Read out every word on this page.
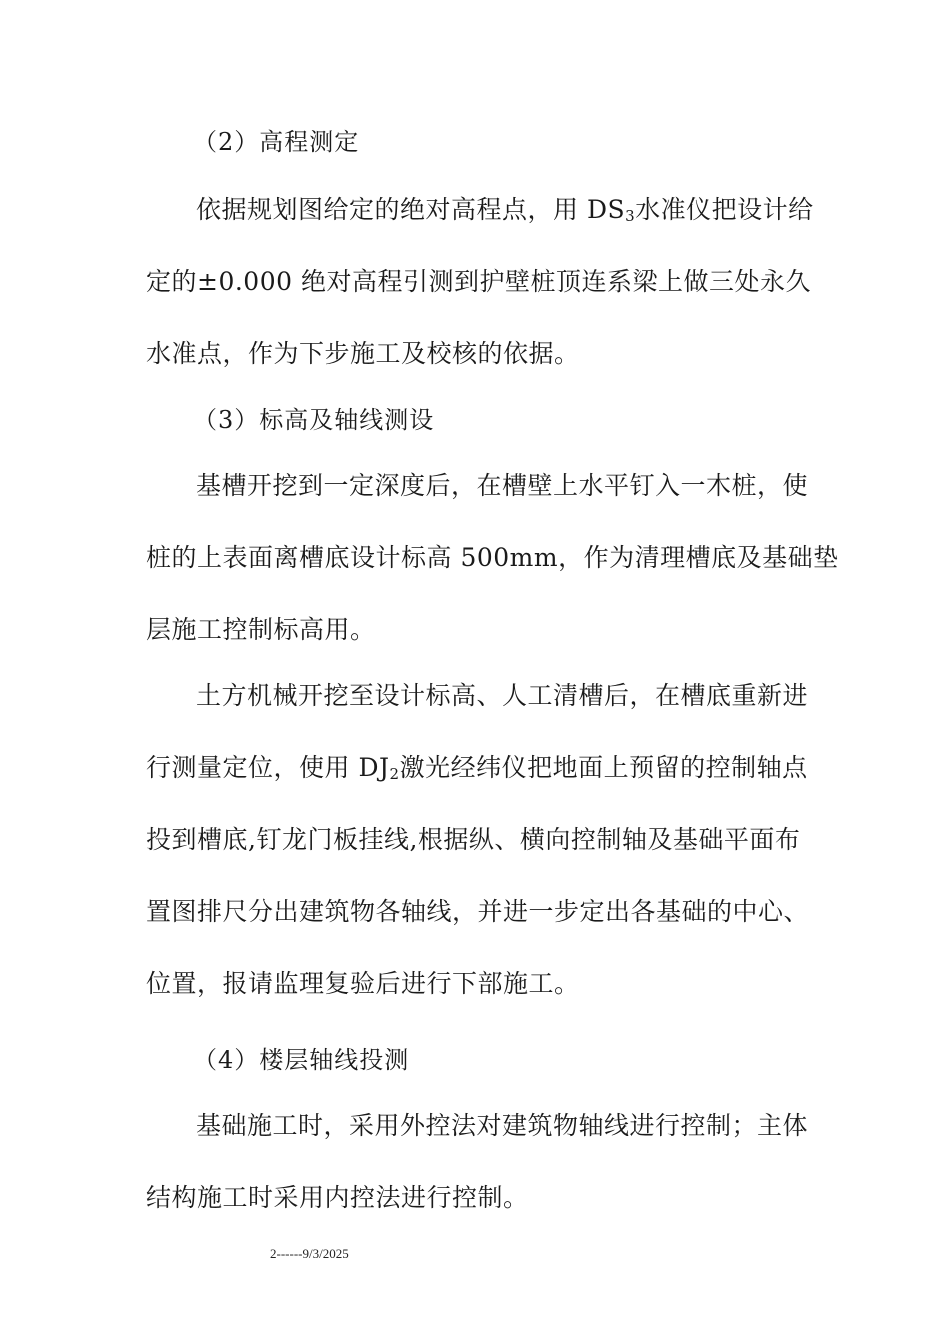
（2）高程测定
依据规划图给定的绝对高程点，用 $DS_3$水准仪把设计给
定的±0.000 绝对高程引测到护壁桩顶连系梁上做三处永久
水准点，作为下步施工及校核的依据。
（3）标高及轴线测设
基槽开挖到一定深度后，在槽壁上水平钉入一木桩，使
桩的上表面离槽底设计标高 500mm，作为清理槽底及基础垫
层施工控制标高用。
土方机械开挖至设计标高、人工清槽后，在槽底重新进
行测量定位，使用 $DJ_2$激光经纬仪把地面上预留的控制轴点
投到槽底,钉龙门板挂线,根据纵、横向控制轴及基础平面布
置图排尺分出建筑物各轴线，并进一步定出各基础的中心、
位置，报请监理复验后进行下部施工。
（4）楼层轴线投测
基础施工时，采用外控法对建筑物轴线进行控制；主体
结构施工时采用内控法进行控制。
2------9/3/2025
